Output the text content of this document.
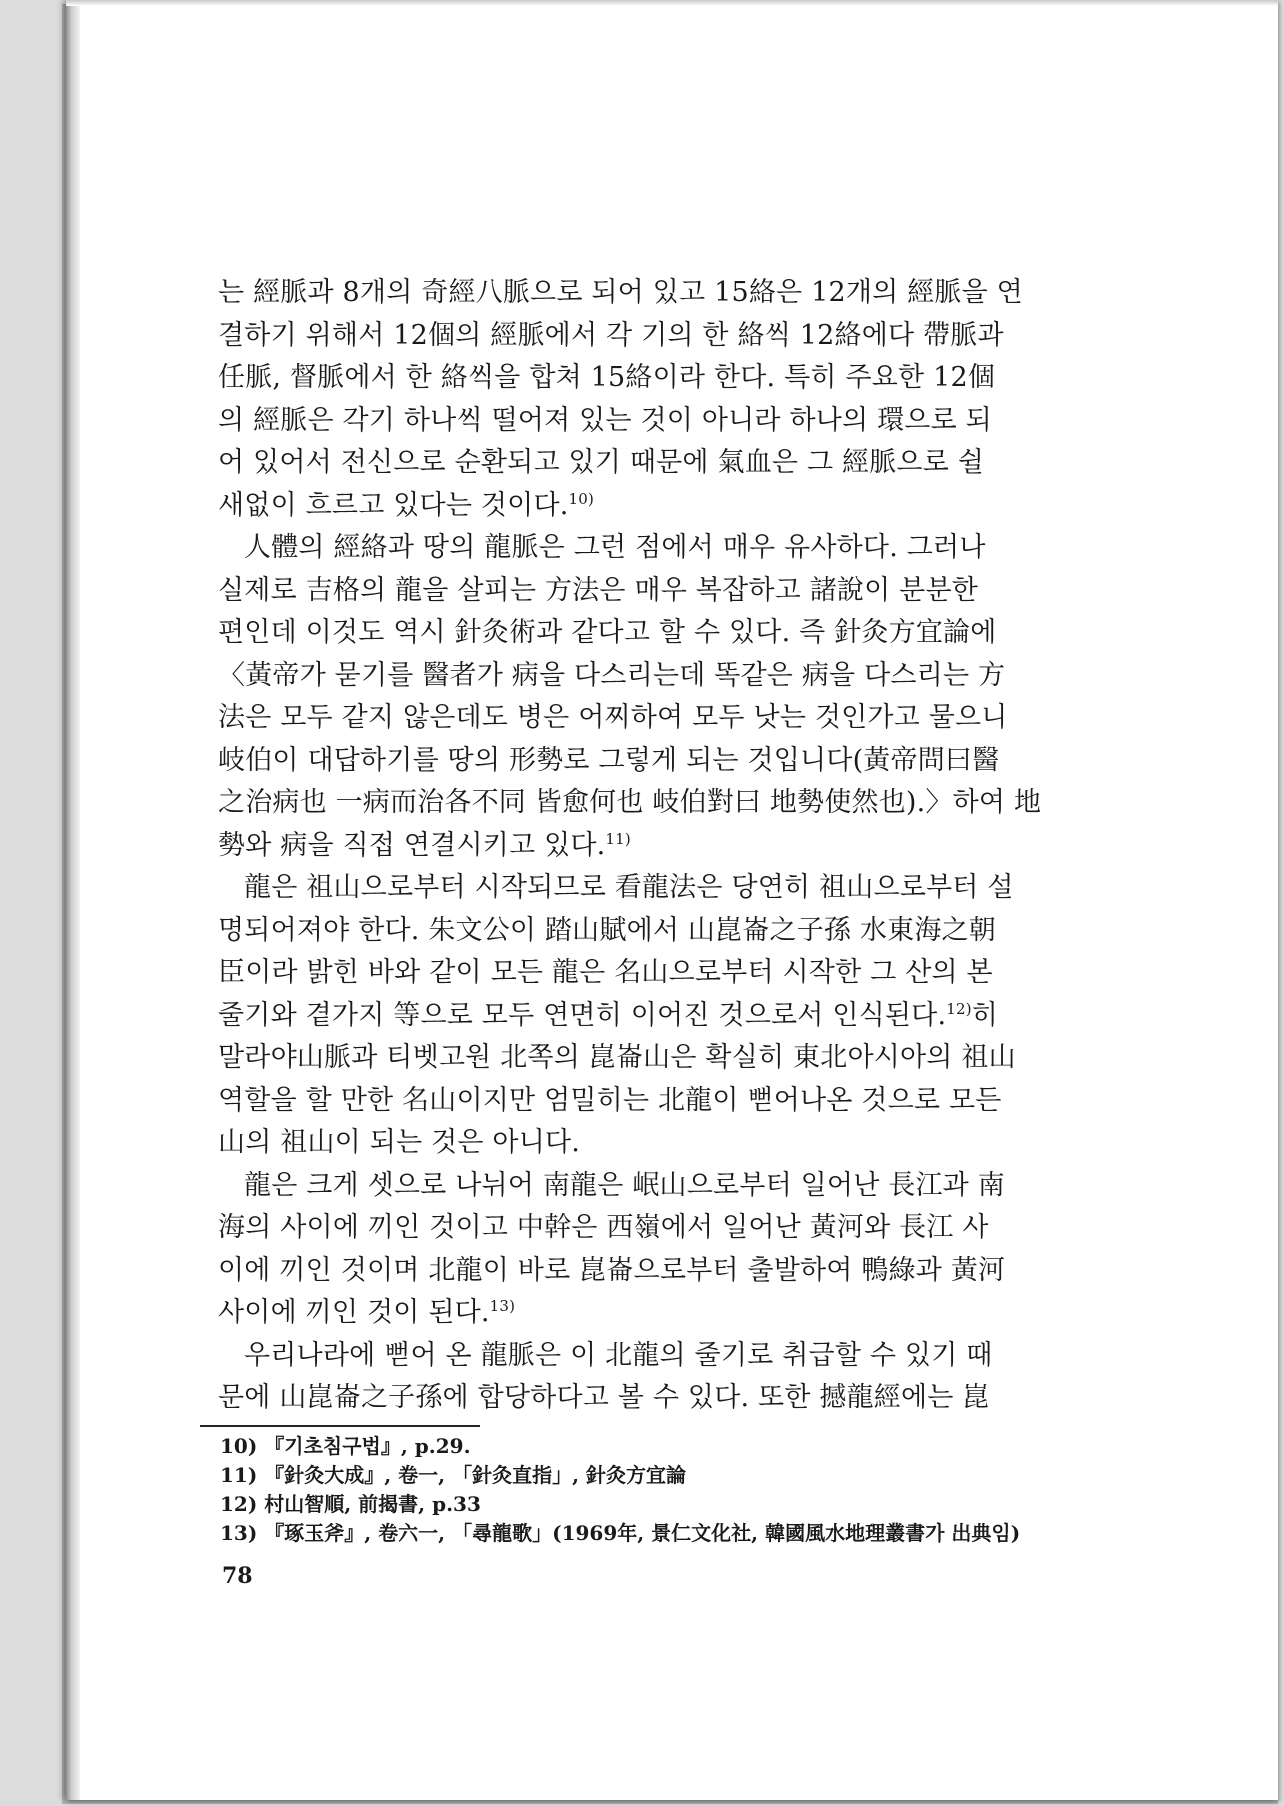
는 經脈과 8개의 奇經八脈으로 되어 있고 15絡은 12개의 經脈을 연
결하기 위해서 12個의 經脈에서 각 기의 한 絡씩 12絡에다 帶脈과
任脈, 督脈에서 한 絡씩을 합쳐 15絡이라 한다. 특히 주요한 12個
의 經脈은 각기 하나씩 떨어져 있는 것이 아니라 하나의 環으로 되
어 있어서 전신으로 순환되고 있기 때문에 氣血은 그 經脈으로 쉴
새없이 흐르고 있다는 것이다.$^{10)}$
人體의 經絡과 땅의 龍脈은 그런 점에서 매우 유사하다. 그러나
실제로 吉格의 龍을 살피는 方法은 매우 복잡하고 諸說이 분분한
편인데 이것도 역시 針灸術과 같다고 할 수 있다. 즉 針灸方宜論에
〈黃帝가 묻기를 醫者가 病을 다스리는데 똑같은 病을 다스리는 方
法은 모두 같지 않은데도 병은 어찌하여 모두 낫는 것인가고 물으니
岐伯이 대답하기를 땅의 形勢로 그렇게 되는 것입니다(黃帝問曰醫
之治病也 一病而治各不同 皆愈何也 岐伯對曰 地勢使然也).〉하여 地
勢와 病을 직접 연결시키고 있다.$^{11)}$
龍은 祖山으로부터 시작되므로 看龍法은 당연히 祖山으로부터 설
명되어져야 한다. 朱文公이 踏山賦에서 山崑崙之子孫 水東海之朝
臣이라 밝힌 바와 같이 모든 龍은 名山으로부터 시작한 그 산의 본
줄기와 곁가지 等으로 모두 연면히 이어진 것으로서 인식된다.$^{12)}$히
말라야山脈과 티벳고원 北쪽의 崑崙山은 확실히 東北아시아의 祖山
역할을 할 만한 名山이지만 엄밀히는 北龍이 뻗어나온 것으로 모든
山의 祖山이 되는 것은 아니다.
龍은 크게 셋으로 나뉘어 南龍은 岷山으로부터 일어난 長江과 南
海의 사이에 끼인 것이고 中幹은 西嶺에서 일어난 黃河와 長江 사
이에 끼인 것이며 北龍이 바로 崑崙으로부터 출발하여 鴨綠과 黃河
사이에 끼인 것이 된다.$^{13)}$
우리나라에 뻗어 온 龍脈은 이 北龍의 줄기로 취급할 수 있기 때
문에 山崑崙之子孫에 합당하다고 볼 수 있다. 또한 撼龍經에는 崑
10) 『기초침구법』, p.29.
11) 『針灸大成』, 卷一, 「針灸直指」, 針灸方宜論
12) 村山智順, 前揭書, p.33
13) 『琢玉斧』, 卷六一, 「尋龍歌」(1969年, 景仁文化社, 韓國風水地理叢書가 出典임)
78
